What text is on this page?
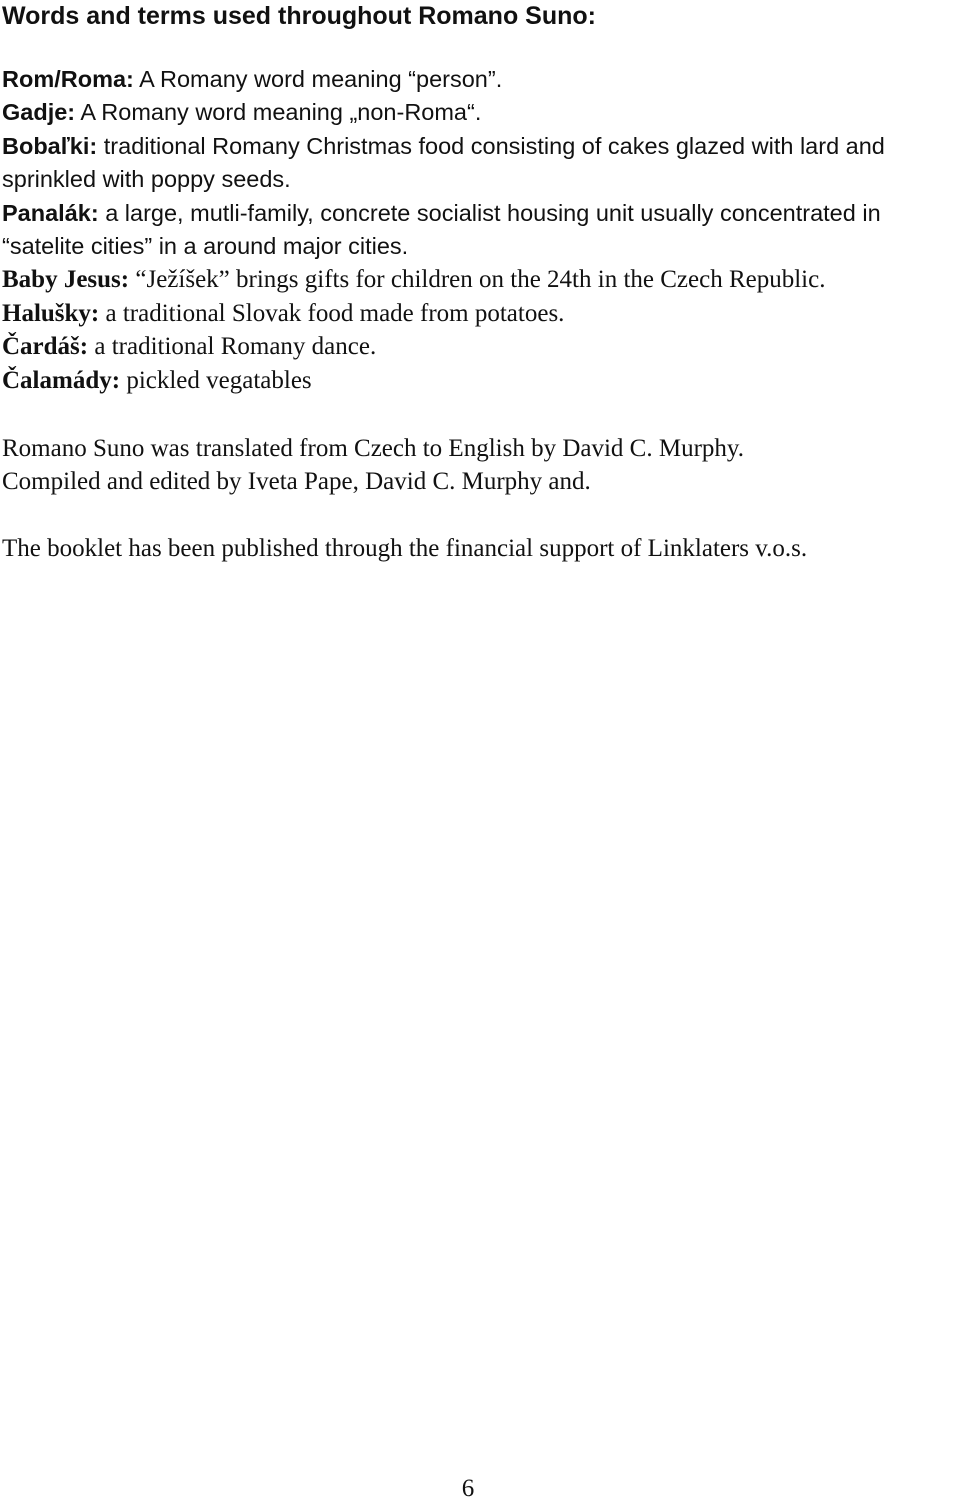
Words and terms used throughout Romano Suno:
Rom/Roma: A Romany word meaning “person”.
Gadje: A Romany word meaning „non-Roma“.
Bobaľki: traditional Romany Christmas food consisting of cakes glazed with lard and sprinkled with poppy seeds.
Panalák: a large, mutli-family, concrete socialist housing unit usually concentrated in “satelite cities” in a around major cities.
Baby Jesus: “Ježíšek” brings gifts for children on the 24th in the Czech Republic.
Halušky: a traditional Slovak food made from potatoes.
Čardáš: a traditional Romany dance.
Čalamády: pickled vegatables

Romano Suno was translated from Czech to English by David C. Murphy.

Compiled and edited by Iveta Pape, David C. Murphy and.

The booklet has been published through the financial support of Linklaters v.o.s.

6
